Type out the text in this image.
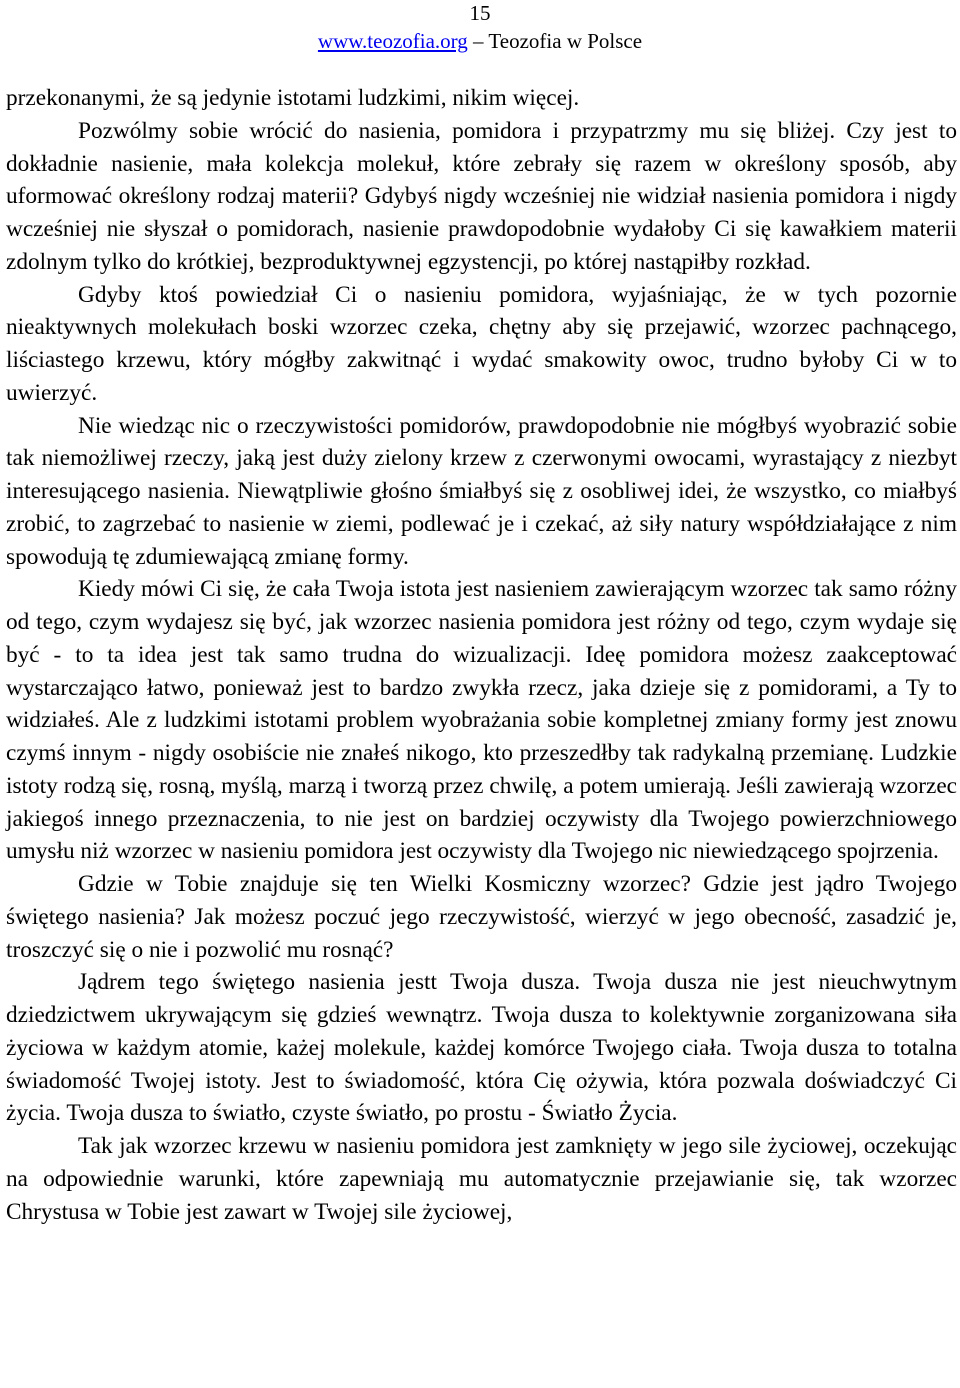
15
www.teozofia.org – Teozofia w Polsce

przekonanymi, że są jedynie istotami ludzkimi, nikim więcej.

Pozwólmy sobie wrócić do nasienia, pomidora i przypatrzmy mu się bliżej. Czy jest to dokładnie nasienie, mała kolekcja molekuł, które zebrały się razem w określony sposób, aby uformować określony rodzaj materii? Gdybyś nigdy wcześniej nie widział nasienia pomidora i nigdy wcześniej nie słyszał o pomidorach, nasienie prawdopodobnie wydałoby Ci się kawałkiem materii zdolnym tylko do krótkiej, bezproduktywnej egzystencji, po której nastąpiłby rozkład.

Gdyby ktoś powiedział Ci o nasieniu pomidora, wyjaśniając, że w tych pozornie nieaktywnych molekułach boski wzorzec czeka, chętny aby się przejawić, wzorzec pachnącego, liściastego krzewu, który mógłby zakwitnąć i wydać smakowity owoc, trudno byłoby Ci w to uwierzyć.

Nie wiedząc nic o rzeczywistości pomidorów, prawdopodobnie nie mógłbyś wyobrazić sobie tak niemożliwej rzeczy, jaką jest duży zielony krzew z czerwonymi owocami, wyrastający z niezbyt interesującego nasienia. Niewątpliwie głośno śmiałbyś się z osobliwej idei, że wszystko, co miałbyś zrobić, to zagrzebać to nasienie w ziemi, podlewać je i czekać, aż siły natury współdziałające z nim spowodują tę zdumiewającą zmianę formy.

Kiedy mówi Ci się, że cała Twoja istota jest nasieniem zawierającym wzorzec tak samo różny od tego, czym wydajesz się być, jak wzorzec nasienia pomidora jest różny od tego, czym wydaje się być - to ta idea jest tak samo trudna do wizualizacji. Ideę pomidora możesz zaakceptować wystarczająco łatwo, ponieważ jest to bardzo zwykła rzecz, jaka dzieje się z pomidorami, a Ty to widziałeś. Ale z ludzkimi istotami problem wyobrażania sobie kompletnej zmiany formy jest znowu czymś innym - nigdy osobiście nie znałeś nikogo, kto przeszedłby tak radykalną przemianę. Ludzkie istoty rodzą się, rosną, myślą, marzą i tworzą przez chwilę, a potem umierają. Jeśli zawierają wzorzec jakiegoś innego przeznaczenia, to nie jest on bardziej oczywisty dla Twojego powierzchniowego umysłu niż wzorzec w nasieniu pomidora jest oczywisty dla Twojego nic niewiedzącego spojrzenia.

Gdzie w Tobie znajduje się ten Wielki Kosmiczny wzorzec? Gdzie jest jądro Twojego świętego nasienia? Jak możesz poczuć jego rzeczywistość, wierzyć w jego obecność, zasadzić je, troszczyć się o nie i pozwolić mu rosnąć?

Jądrem tego świętego nasienia jestt Twoja dusza. Twoja dusza nie jest nieuchwytnym dziedzictwem ukrywającym się gdzieś wewnątrz. Twoja dusza to kolektywnie zorganizowana siła życiowa w każdym atomie, każej molekule, każdej komórce Twojego ciała. Twoja dusza to totalna świadomość Twojej istoty. Jest to świadomość, która Cię ożywia, która pozwala doświadczyć Ci życia. Twoja dusza to światło, czyste światło, po prostu - Światło Życia.

Tak jak wzorzec krzewu w nasieniu pomidora jest zamknięty w jego sile życiowej, oczekując na odpowiednie warunki, które zapewniają mu automatycznie przejawianie się, tak wzorzec Chrystusa w Tobie jest zawart w Twojej sile życiowej,
